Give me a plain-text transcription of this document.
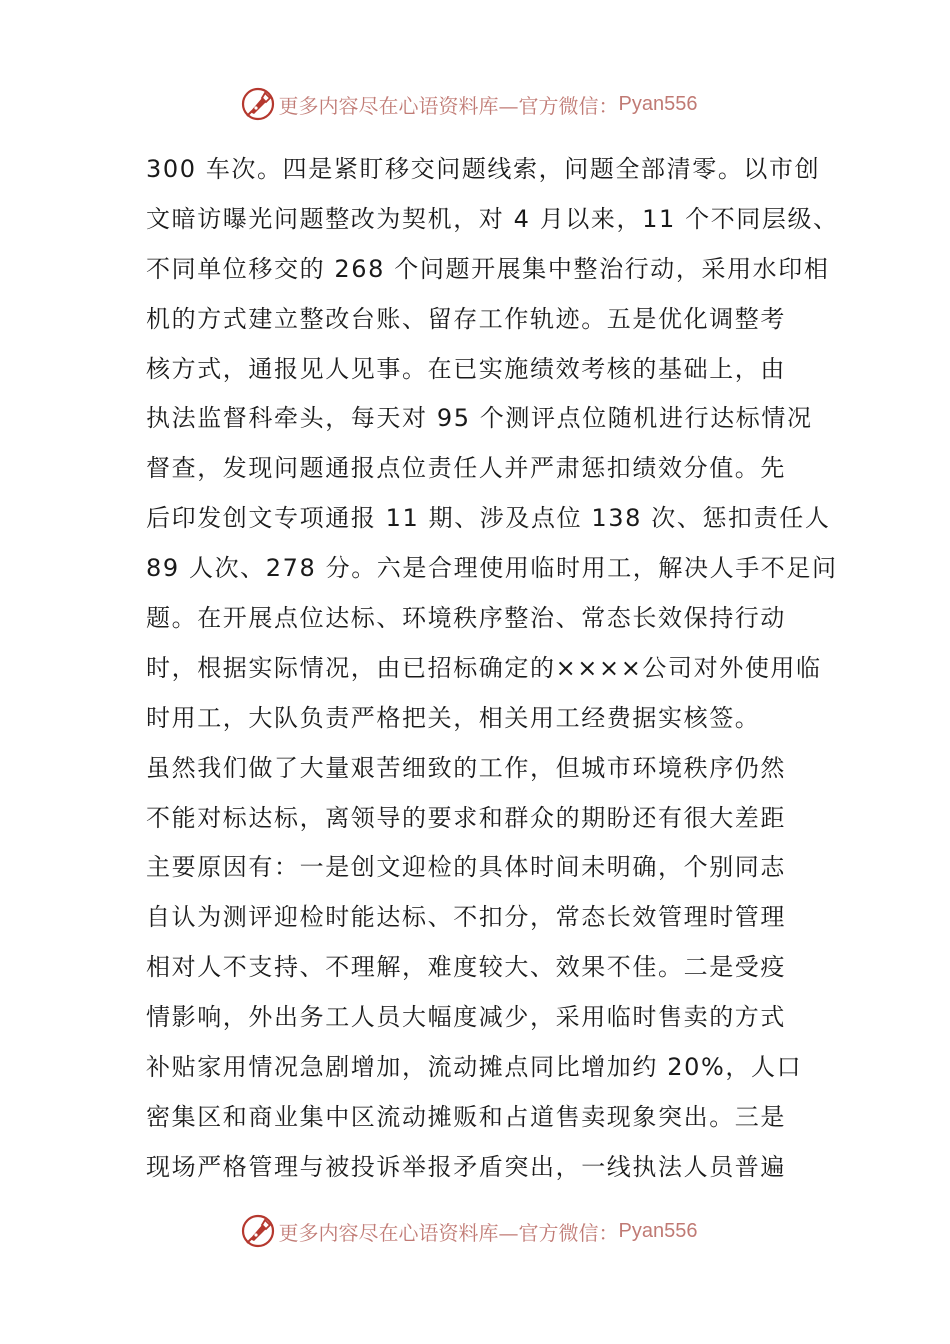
更多内容尽在心语资料库—官方微信： Pyan556
300 车次。四是紧盯移交问题线索，问题全部清零。以市创
文暗访曝光问题整改为契机，对 4 月以来，11 个不同层级、
不同单位移交的 268 个问题开展集中整治行动，采用水印相
机的方式建立整改台账、留存工作轨迹。五是优化调整考
核方式，通报见人见事。在已实施绩效考核的基础上，由
执法监督科牵头，每天对 95 个测评点位随机进行达标情况
督查，发现问题通报点位责任人并严肃惩扣绩效分值。先
后印发创文专项通报 11 期、涉及点位 138 次、惩扣责任人
89 人次、278 分。六是合理使用临时用工，解决人手不足问
题。在开展点位达标、环境秩序整治、常态长效保持行动
时，根据实际情况，由已招标确定的××××公司对外使用临
时用工，大队负责严格把关，相关用工经费据实核签。
虽然我们做了大量艰苦细致的工作，但城市环境秩序仍然
不能对标达标，离领导的要求和群众的期盼还有很大差距
主要原因有：一是创文迎检的具体时间未明确，个别同志
自认为测评迎检时能达标、不扣分，常态长效管理时管理
相对人不支持、不理解，难度较大、效果不佳。二是受疫
情影响，外出务工人员大幅度减少，采用临时售卖的方式
补贴家用情况急剧增加，流动摊点同比增加约 20%，人口
密集区和商业集中区流动摊贩和占道售卖现象突出。三是
现场严格管理与被投诉举报矛盾突出，一线执法人员普遍
更多内容尽在心语资料库—官方微信： Pyan556
